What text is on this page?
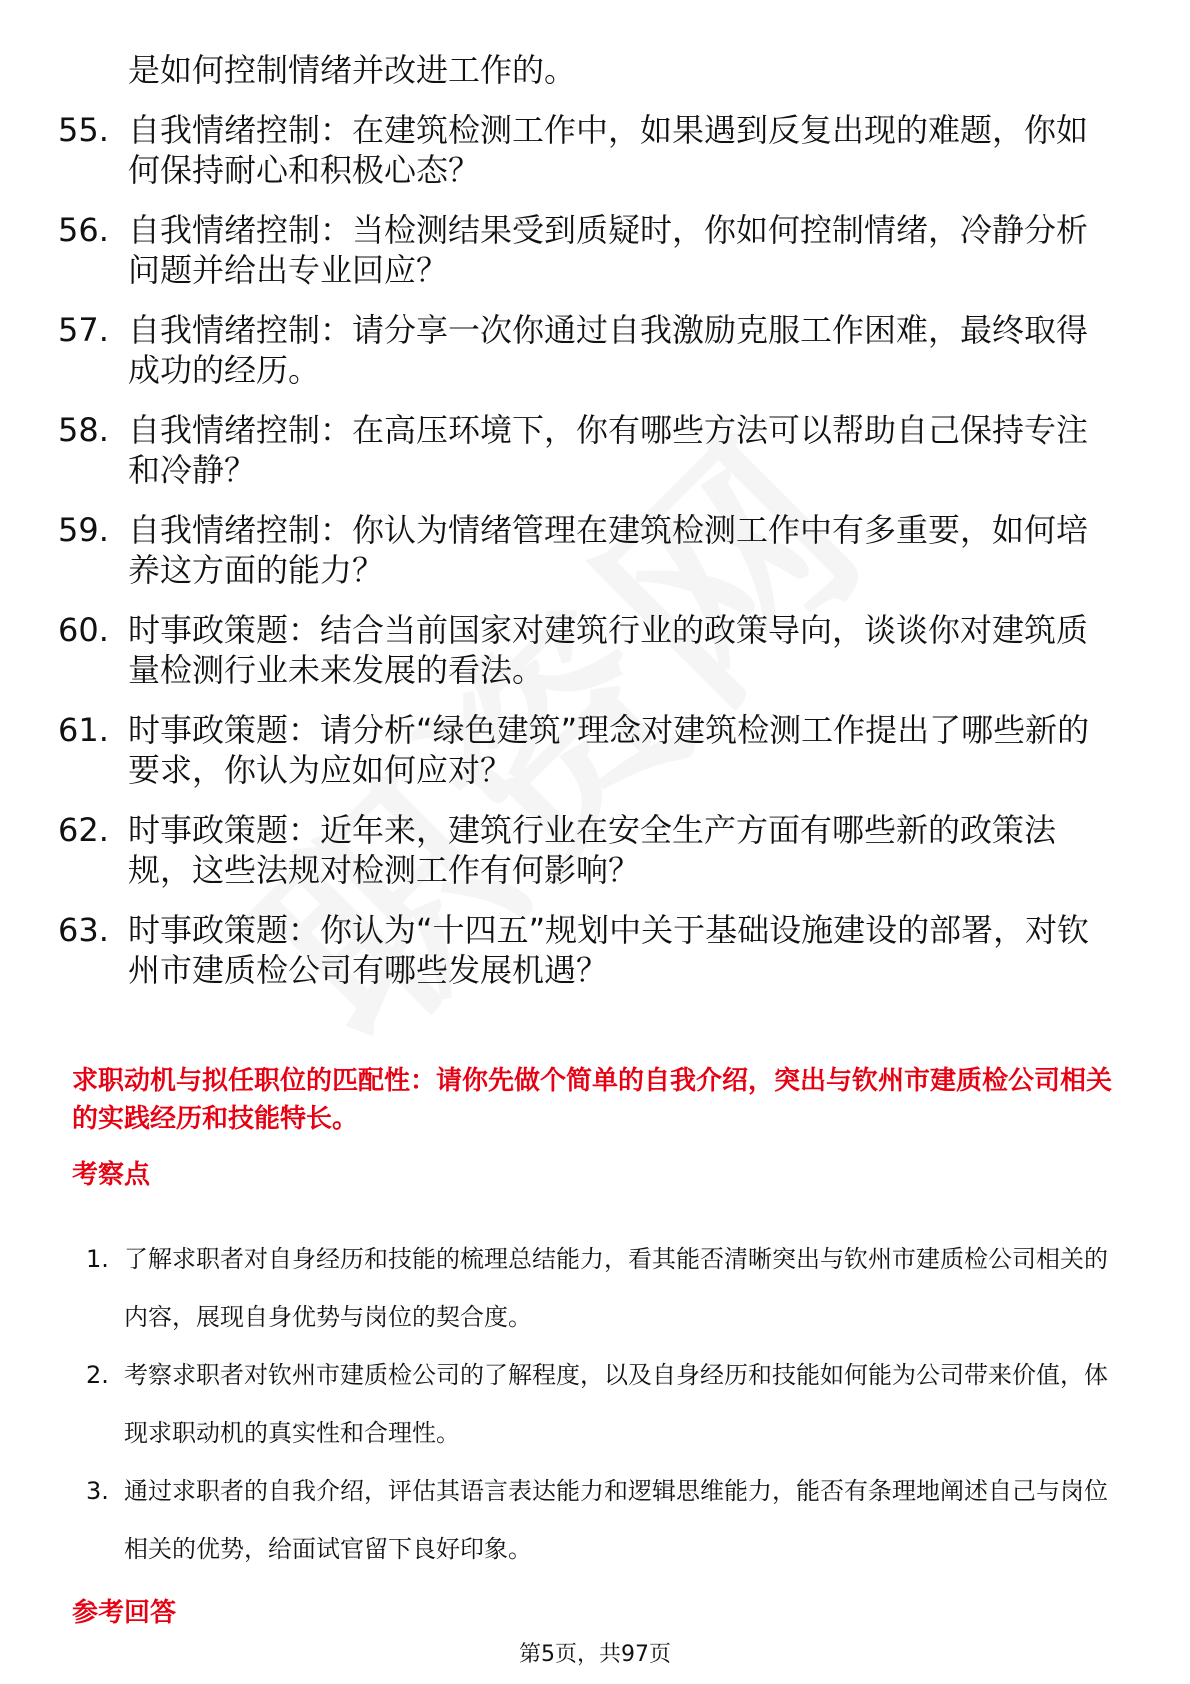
是如何控制情绪并改进工作的。

55. 自我情绪控制：在建筑检测工作中，如果遇到反复出现的难题，你如何保持耐心和积极心态？
56. 自我情绪控制：当检测结果受到质疑时，你如何控制情绪，冷静分析问题并给出专业回应？
57. 自我情绪控制：请分享一次你通过自我激励克服工作困难，最终取得成功的经历。
58. 自我情绪控制：在高压环境下，你有哪些方法可以帮助自己保持专注和冷静？
59. 自我情绪控制：你认为情绪管理在建筑检测工作中有多重要，如何培养这方面的能力？
60. 时事政策题：结合当前国家对建筑行业的政策导向，谈谈你对建筑质量检测行业未来发展的看法。
61. 时事政策题：请分析“绿色建筑”理念对建筑检测工作提出了哪些新的要求，你认为应如何应对？
62. 时事政策题：近年来，建筑行业在安全生产方面有哪些新的政策法规，这些法规对检测工作有何影响？
63. 时事政策题：你认为“十四五”规划中关于基础设施建设的部署，对钦州市建质检公司有哪些发展机遇？

求职动机与拟任职位的匹配性：请你先做个简单的自我介绍，突出与钦州市建质检公司相关的实践经历和技能特长。

考察点
1. 了解求职者对自身经历和技能的梳理总结能力，看其能否清晰突出与钦州市建质检公司相关的内容，展现自身优势与岗位的契合度。
2. 考察求职者对钦州市建质检公司的了解程度，以及自身经历和技能如何能为公司带来价值，体现求职动机的真实性和合理性。
3. 通过求职者的自我介绍，评估其语言表达能力和逻辑思维能力，能否有条理地阐述自己与岗位相关的优势，给面试官留下良好印象。
参考回答
第5页，共97页
